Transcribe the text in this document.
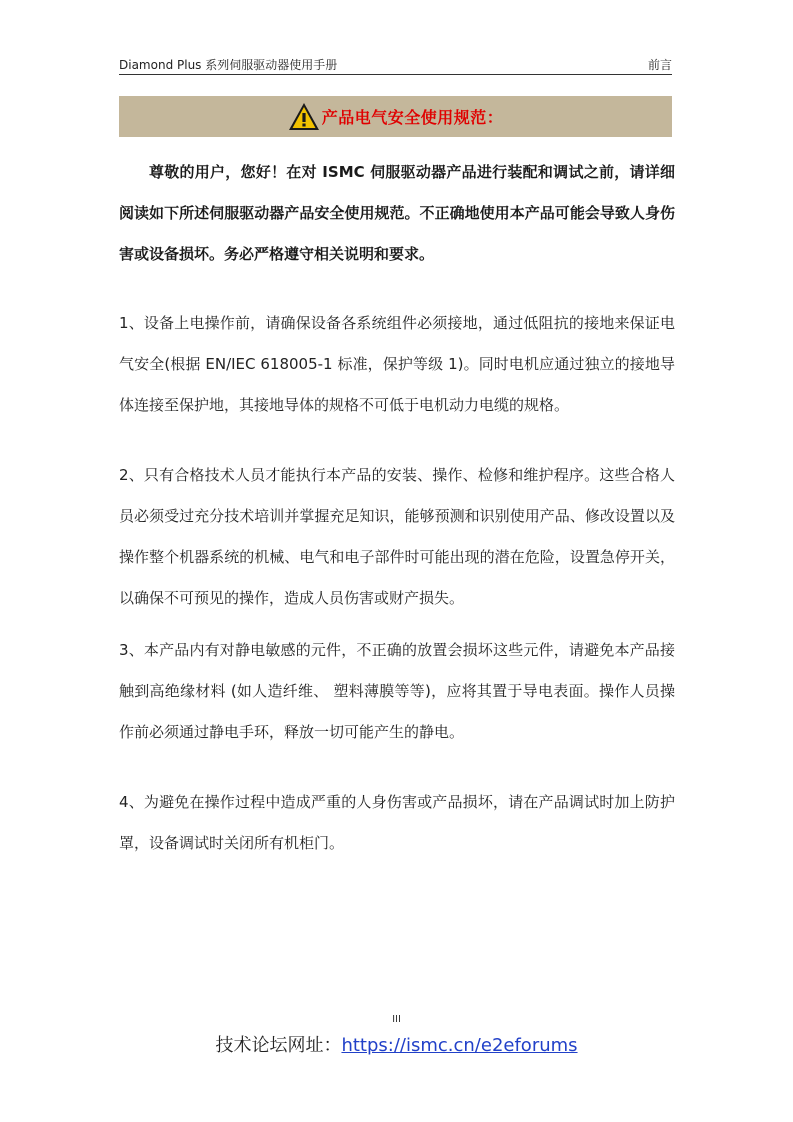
Diamond Plus 系列伺服驱动器使用手册	前言
产品电气安全使用规范：

尊敬的用户，您好！在对 ISMC 伺服驱动器产品进行装配和调试之前，请详细阅读如下所述伺服驱动器产品安全使用规范。不正确地使用本产品可能会导致人身伤害或设备损坏。务必严格遵守相关说明和要求。

1、设备上电操作前，请确保设备各系统组件必须接地，通过低阻抗的接地来保证电气安全(根据 EN/IEC 618005-1 标准，保护等级 1)。同时电机应通过独立的接地导体连接至保护地，其接地导体的规格不可低于电机动力电缆的规格。

2、只有合格技术人员才能执行本产品的安装、操作、检修和维护程序。这些合格人员必须受过充分技术培训并掌握充足知识，能够预测和识别使用产品、修改设置以及操作整个机器系统的机械、电气和电子部件时可能出现的潜在危险，设置急停开关，以确保不可预见的操作，造成人员伤害或财产损失。

3、本产品内有对静电敏感的元件，不正确的放置会损坏这些元件，请避免本产品接触到高绝缘材料 (如人造纤维、 塑料薄膜等等)，应将其置于导电表面。操作人员操作前必须通过静电手环，释放一切可能产生的静电。

4、为避免在操作过程中造成严重的人身伤害或产品损坏，请在产品调试时加上防护罩，设备调试时关闭所有机柜门。

III
技术论坛网址：https://ismc.cn/e2eforums
